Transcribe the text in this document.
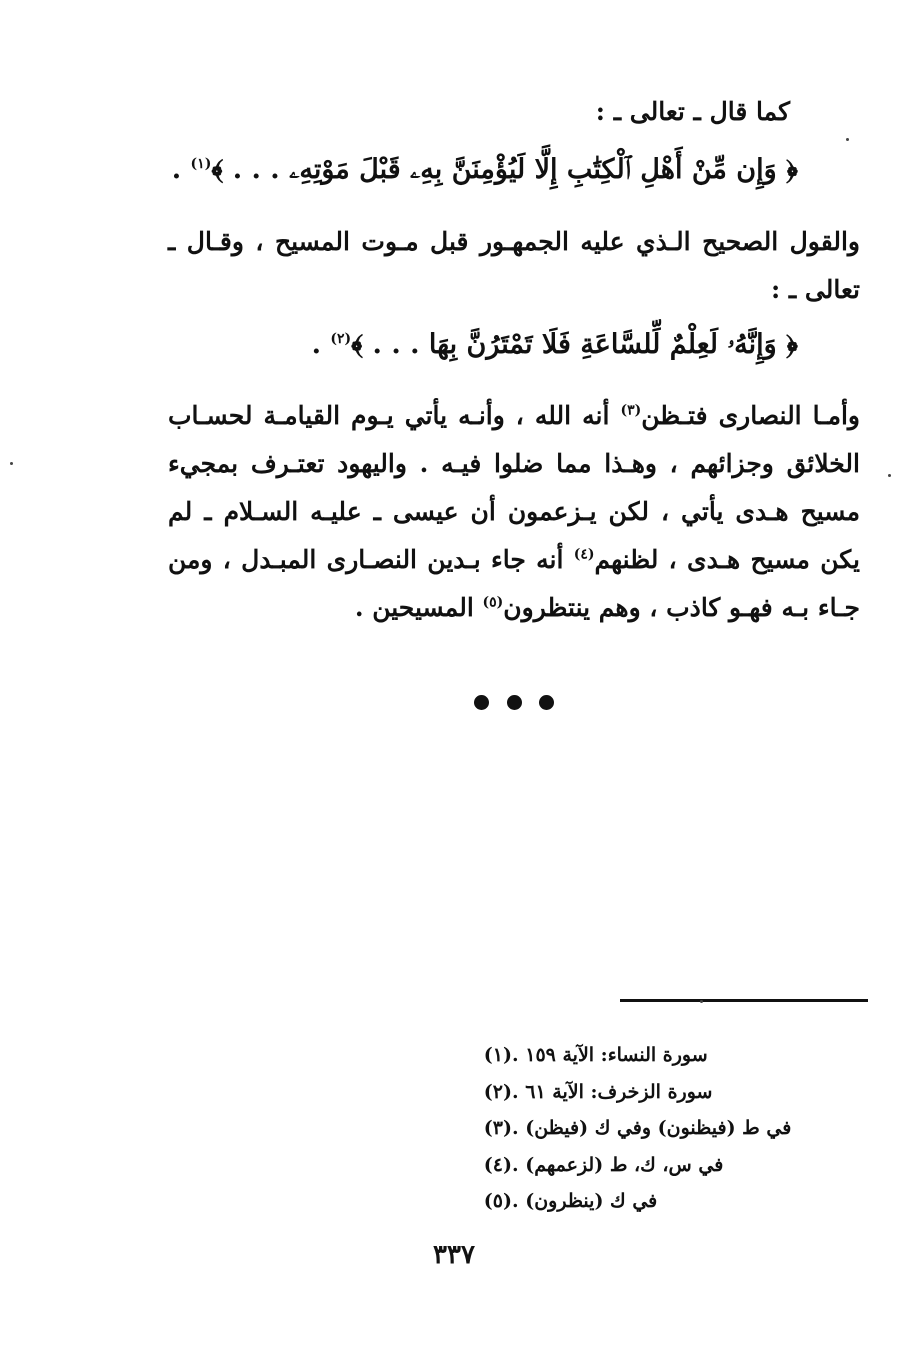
كما قال ـ تعالى ـ :
﴿ وَإِن مِّنْ أَهْلِ ٱلْكِتَٰبِ إِلَّا لَيُؤْمِنَنَّ بِهِۦ قَبْلَ مَوْتِهِۦ . . . ﴾$^{(١)}$ .
والقول الصحيح الـذي عليه الجمهـور قبل مـوت المسيح ، وقـال ـ تعالى ـ :
﴿ وَإِنَّهُۥ لَعِلْمٌ لِّلسَّاعَةِ فَلَا تَمْتَرُنَّ بِهَا . . . ﴾$^{(٢)}$ .
وأمـا النصارى فتـظن$^{(٣)}$ أنه الله ، وأنـه يأتي يـوم القيامـة لحسـاب الخلائق وجزائهم ، وهـذا مما ضلوا فيـه . واليهود تعتـرف بمجيء مسيح هـدى يأتي ، لكن يـزعمون أن عيسى ـ عليـه السـلام ـ لم يكن مسيح هـدى ، لظنهم$^{(٤)}$ أنه جاء بـدين النصـارى المبـدل ، ومن جـاء بـه فهـو كاذب ، وهم ينتظرون$^{(٥)}$ المسيحين .
(١) سورة النساء: الآية ١٥٩ .
(٢) سورة الزخرف: الآية ٦١ .
(٣) في ط (فيظنون) وفي ك (فيظن) .
(٤) في س، ك، ط (لزعمهم) .
(٥) في ك (ينظرون) .
٣٣٧
